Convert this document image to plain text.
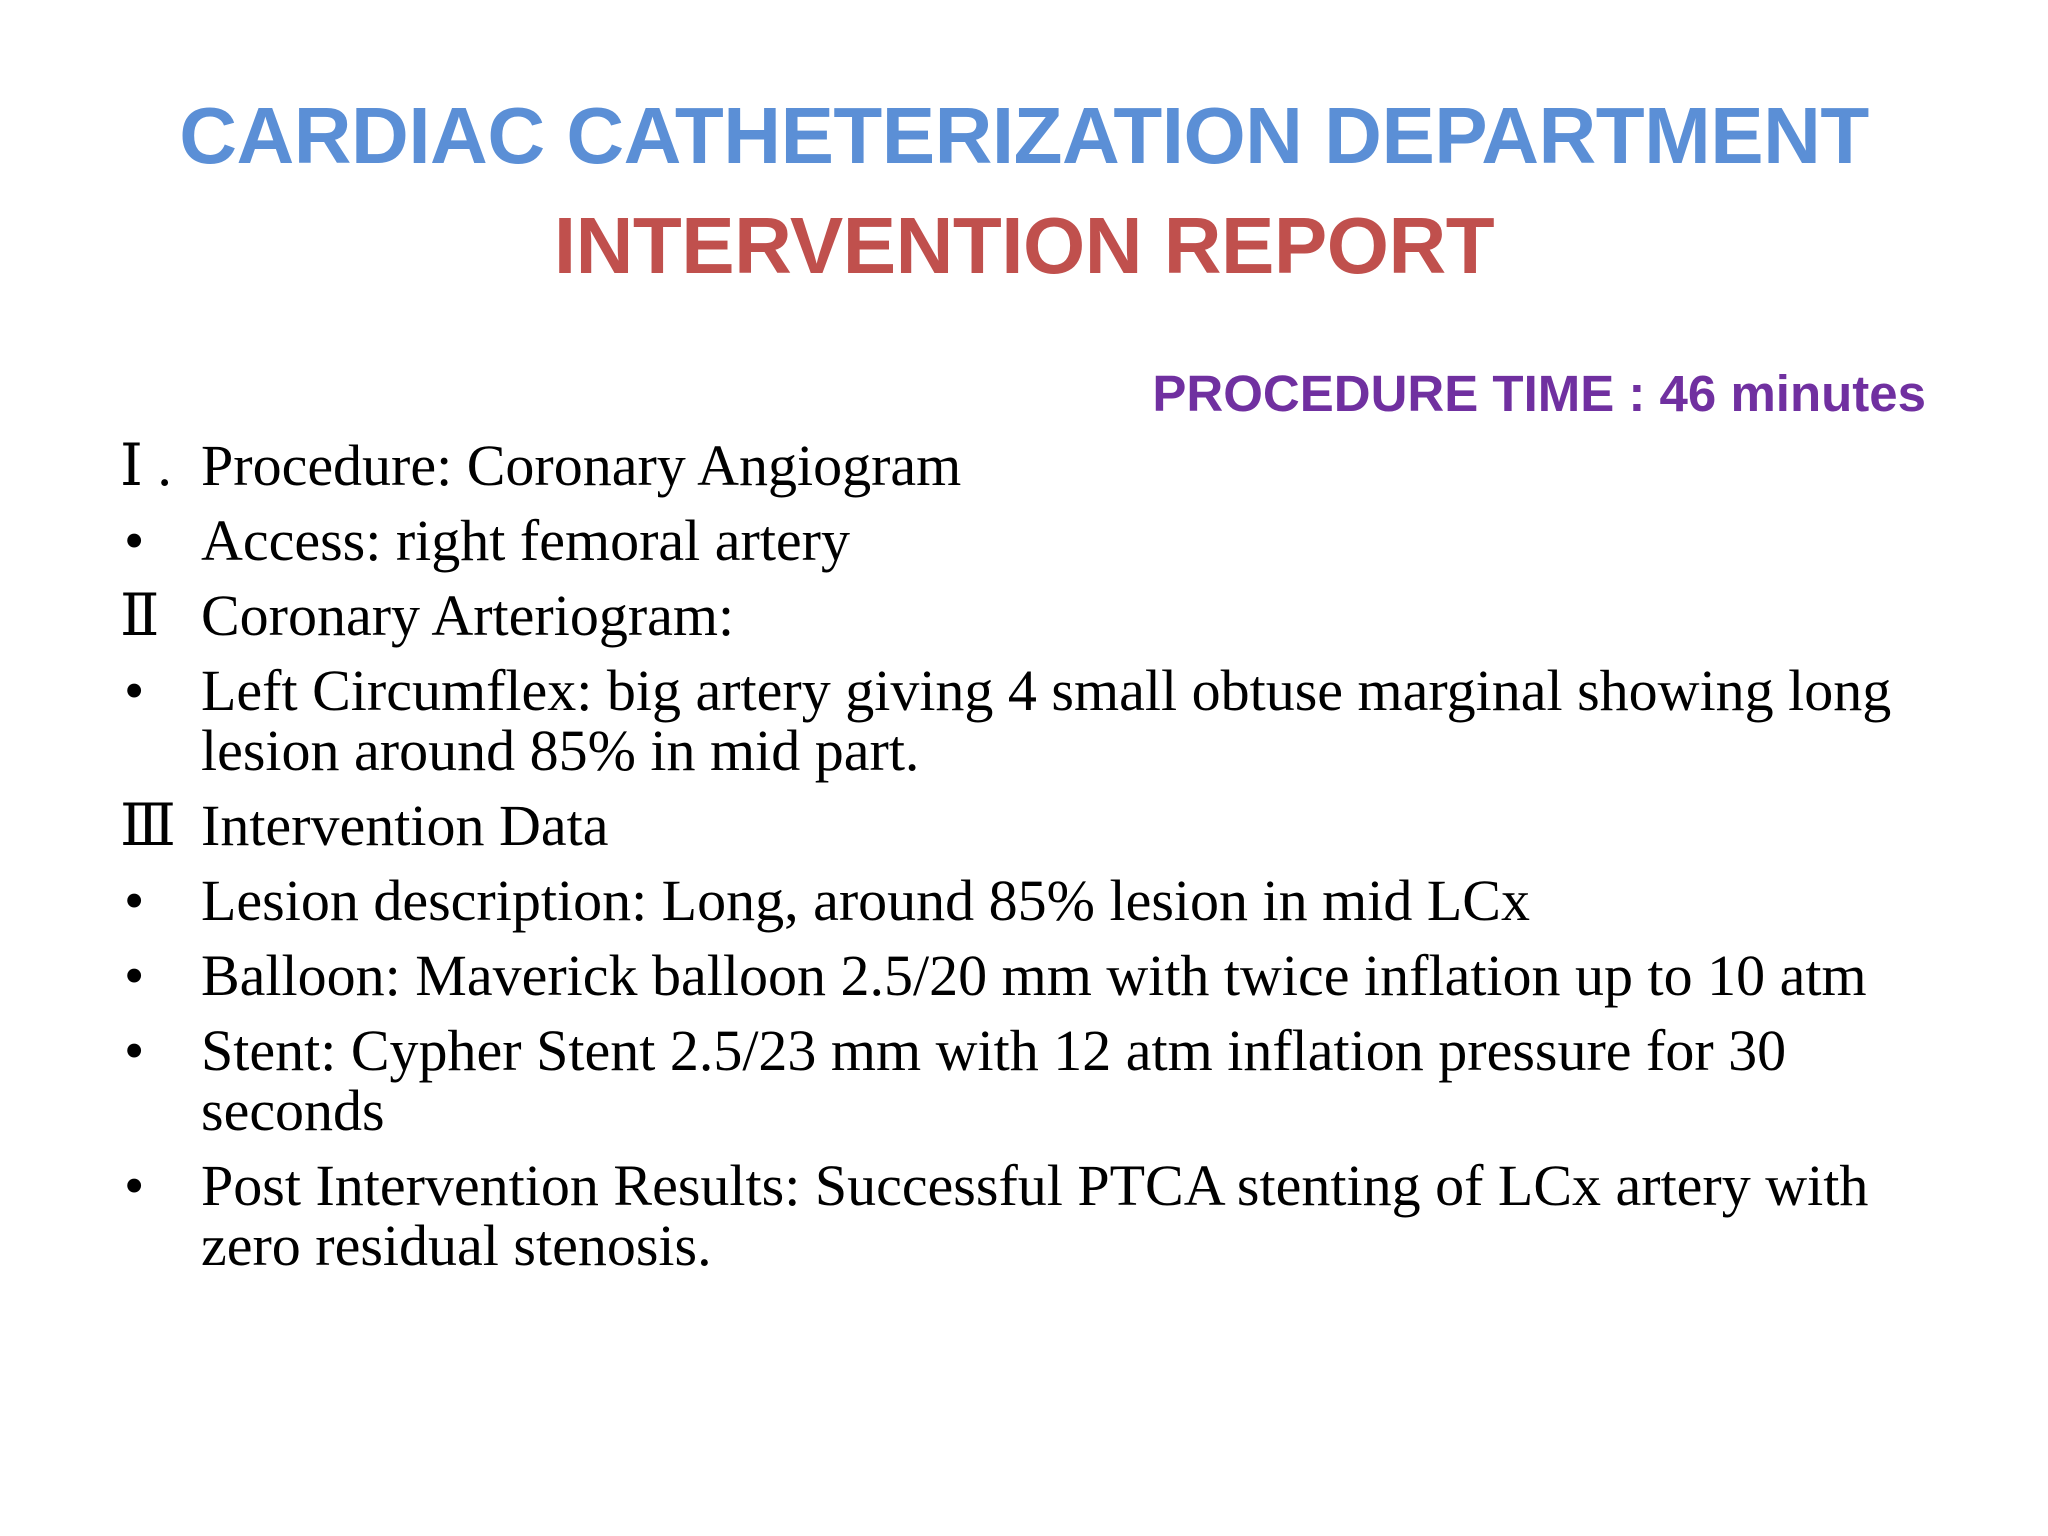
CARDIAC CATHETERIZATION DEPARTMENT
INTERVENTION REPORT
PROCEDURE TIME : 46 minutes
Ⅰ . Procedure: Coronary Angiogram
• Access: right femoral artery
Ⅱ Coronary Arteriogram:
• Left Circumflex: big artery giving 4 small obtuse marginal showing long lesion around 85% in mid part.
Ⅲ Intervention Data
• Lesion description: Long, around 85% lesion in mid LCx
• Balloon: Maverick balloon 2.5/20 mm with twice inflation up to 10 atm
• Stent: Cypher Stent 2.5/23 mm with 12 atm inflation pressure for 30 seconds
• Post Intervention Results: Successful PTCA stenting of LCx artery with zero residual stenosis.
